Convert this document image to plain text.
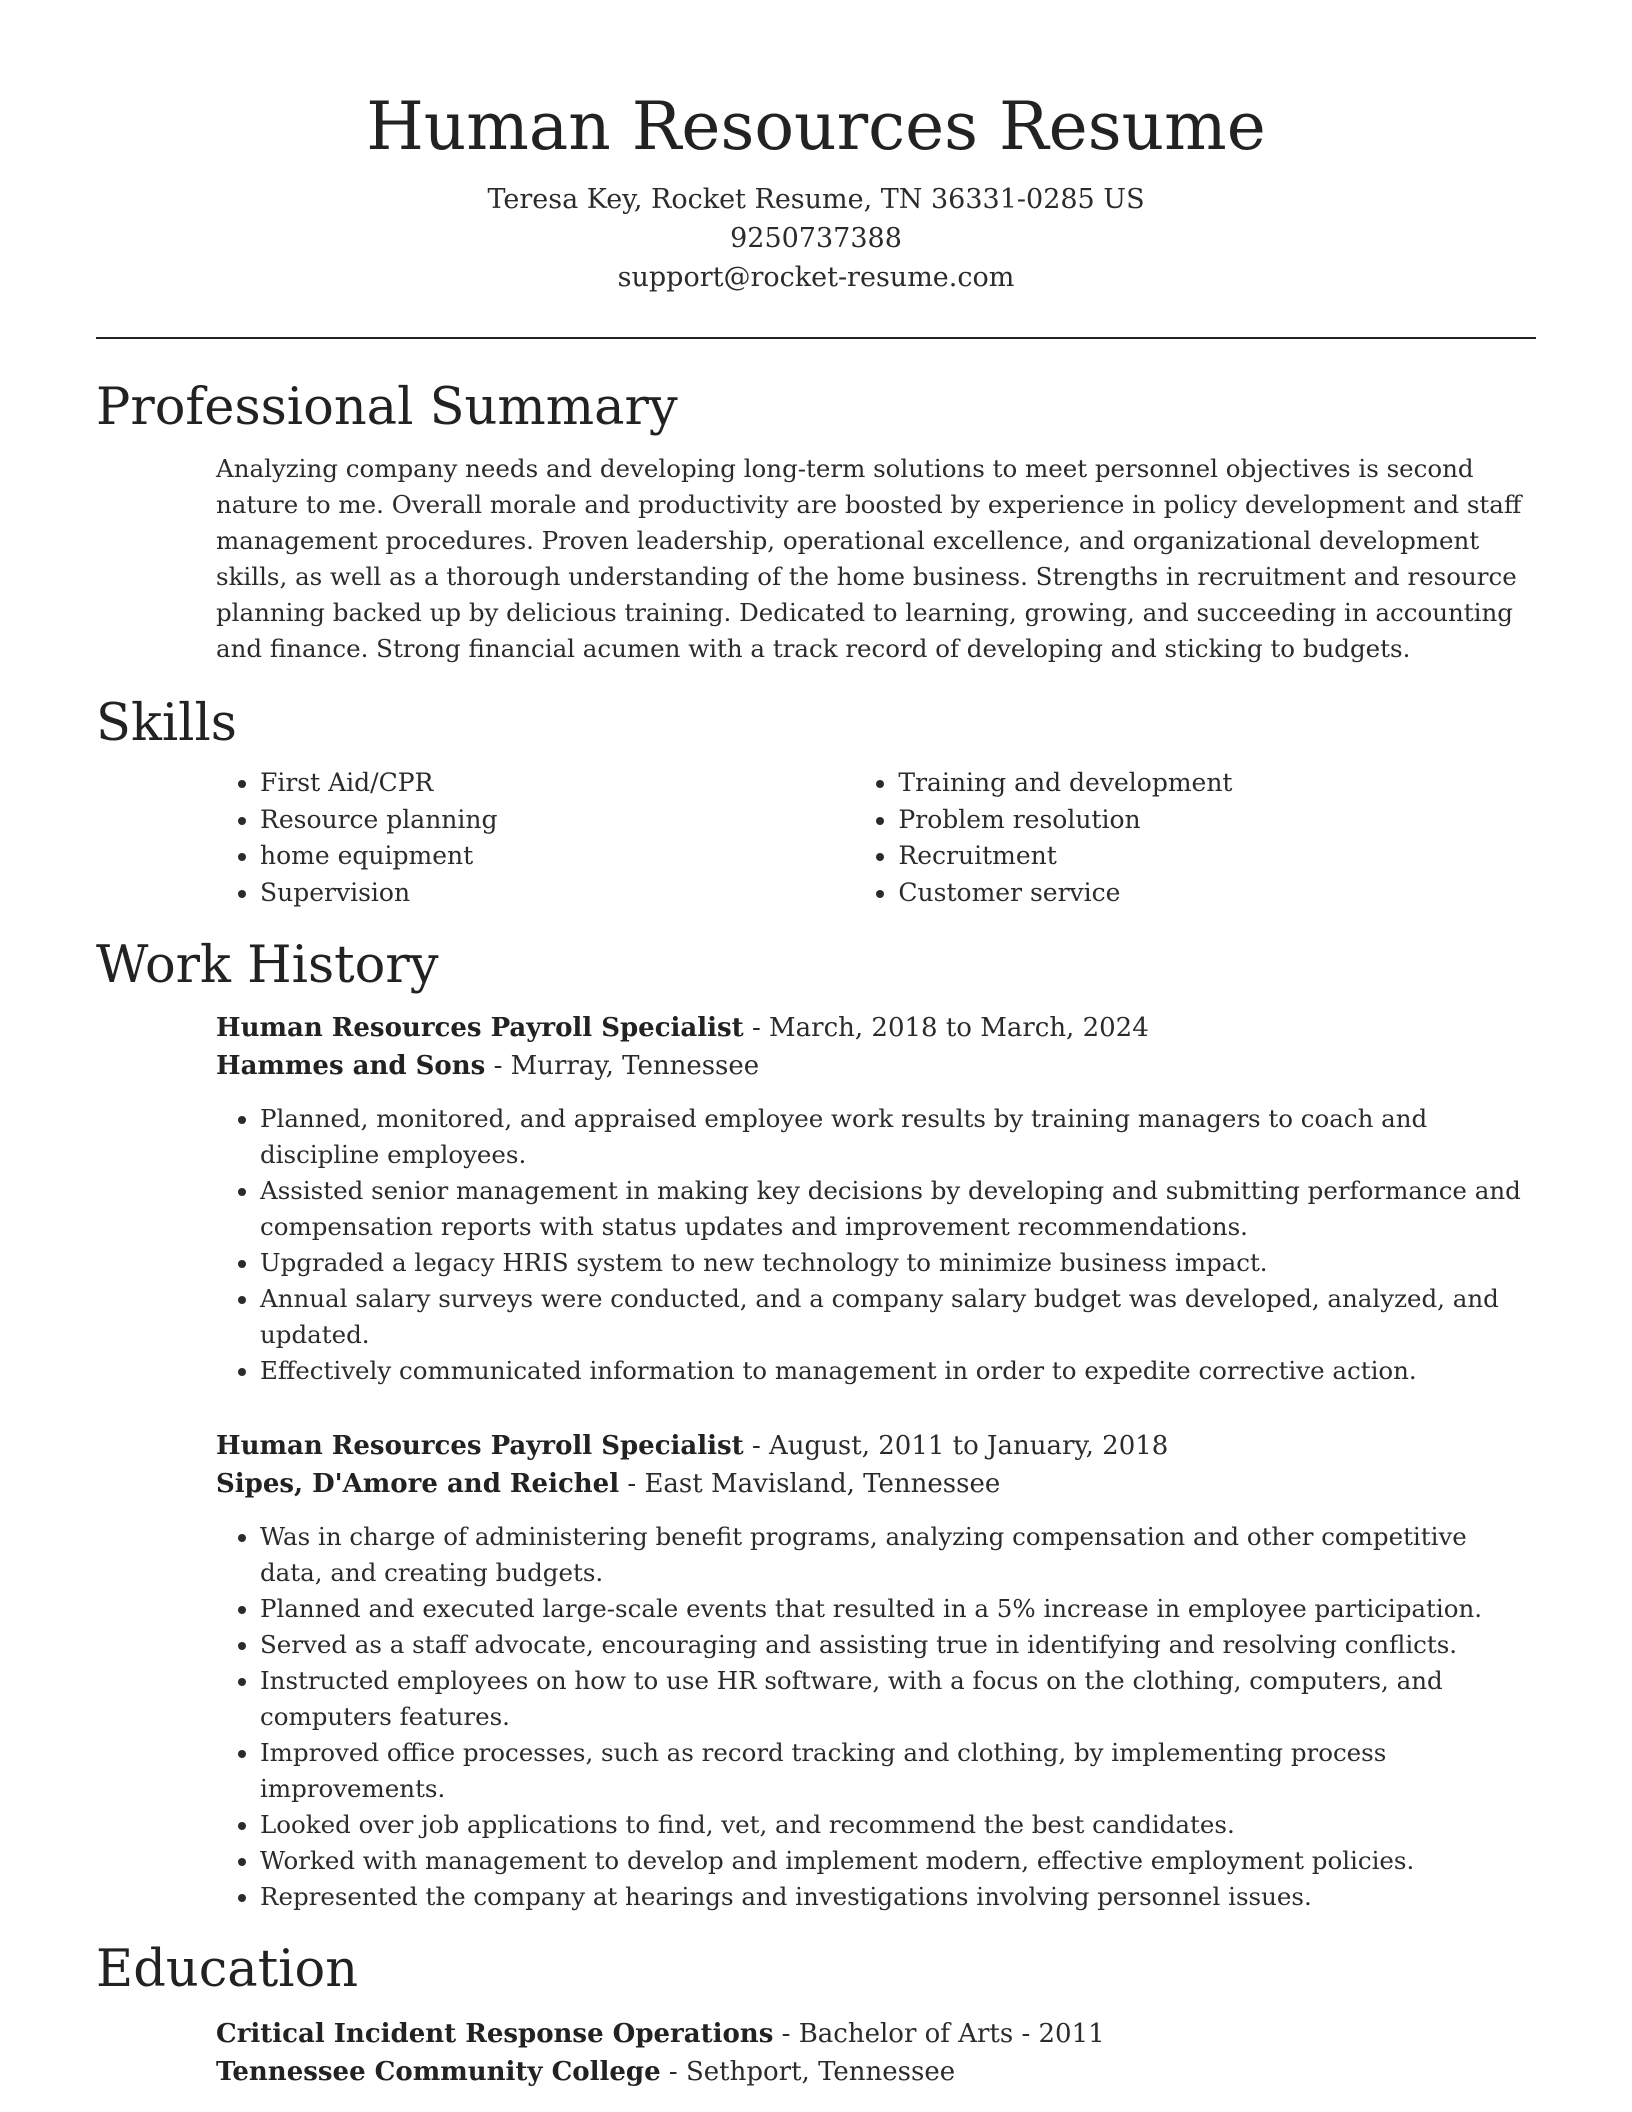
Human Resources Resume

Teresa Key, Rocket Resume, TN 36331-0285 US

9250737388

support@rocket-resume.com

Professional Summary

Analyzing company needs and developing long-term solutions to meet personnel objectives is second nature to me. Overall morale and productivity are boosted by experience in policy development and staff management procedures. Proven leadership, operational excellence, and organizational development skills, as well as a thorough understanding of the home business. Strengths in recruitment and resource planning backed up by delicious training. Dedicated to learning, growing, and succeeding in accounting and finance. Strong financial acumen with a track record of developing and sticking to budgets.

Skills
• First Aid/CPR
• Resource planning
• home equipment
• Supervision
• Training and development
• Problem resolution
• Recruitment
• Customer service
Work History

Human Resources Payroll Specialist - March, 2018 to March, 2024

Hammes and Sons - Murray, Tennessee

• Planned, monitored, and appraised employee work results by training managers to coach and discipline employees.
• Assisted senior management in making key decisions by developing and submitting performance and compensation reports with status updates and improvement recommendations.
• Upgraded a legacy HRIS system to new technology to minimize business impact.
• Annual salary surveys were conducted, and a company salary budget was developed, analyzed, and updated.
• Effectively communicated information to management in order to expedite corrective action.

Human Resources Payroll Specialist - August, 2011 to January, 2018

Sipes, D'Amore and Reichel - East Mavisland, Tennessee

• Was in charge of administering benefit programs, analyzing compensation and other competitive data, and creating budgets.
• Planned and executed large-scale events that resulted in a 5% increase in employee participation.
• Served as a staff advocate, encouraging and assisting true in identifying and resolving conflicts.
• Instructed employees on how to use HR software, with a focus on the clothing, computers, and computers features.
• Improved office processes, such as record tracking and clothing, by implementing process improvements.
• Looked over job applications to find, vet, and recommend the best candidates.
• Worked with management to develop and implement modern, effective employment policies.
• Represented the company at hearings and investigations involving personnel issues.
Education

Critical Incident Response Operations - Bachelor of Arts - 2011

Tennessee Community College - Sethport, Tennessee
